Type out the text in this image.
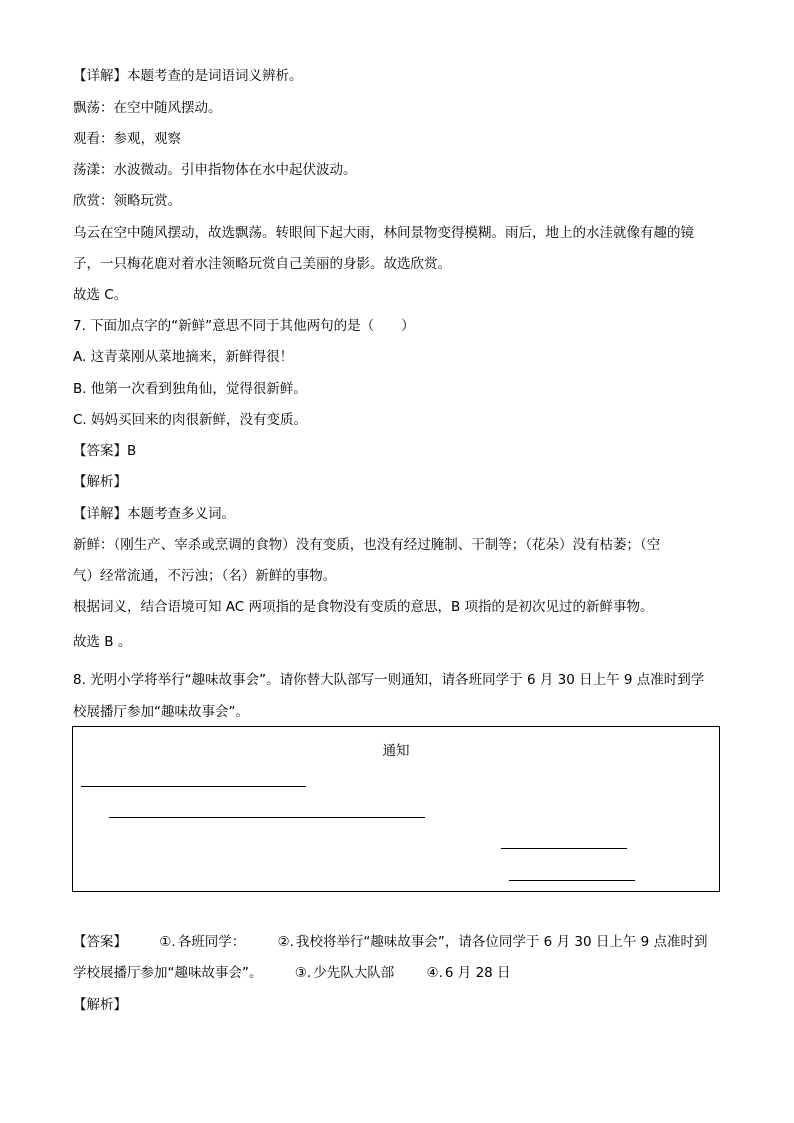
【详解】本题考查的是词语词义辨析。
飘荡：在空中随风摆动。
观看：参观，观察
荡漾：水波微动。引申指物体在水中起伏波动。
欣赏：领略玩赏。
乌云在空中随风摆动，故选飘荡。转眼间下起大雨，林间景物变得模糊。雨后，地上的水洼就像有趣的镜
子，一只梅花鹿对着水洼领略玩赏自己美丽的身影。故选欣赏。
故选 C。
7. 下面加点字的“新鲜”意思不同于其他两句的是（　　）
A. 这青菜刚从菜地摘来，新鲜得很！
B. 他第一次看到独角仙，觉得很新鲜。
C. 妈妈买回来的肉很新鲜，没有变质。
【答案】B
【解析】
【详解】本题考查多义词。
新鲜：（刚生产、宰杀或烹调的食物）没有变质，也没有经过腌制、干制等；（花朵）没有枯萎；（空
气）经常流通，不污浊；（名）新鲜的事物。
根据词义，结合语境可知 AC 两项指的是食物没有变质的意思，B 项指的是初次见过的新鲜事物。
故选 B 。
8. 光明小学将举行“趣味故事会”。请你替大队部写一则通知，请各班同学于 6 月 30 日上午 9 点准时到学
校展播厅参加“趣味故事会”。
通知
【答案】 ①. 各班同学： ②. 我校将举行“趣味故事会”，请各位同学于 6 月 30 日上午 9 点准时到
学校展播厅参加“趣味故事会”。 ③. 少先队大队部 ④. 6 月 28 日
【解析】
